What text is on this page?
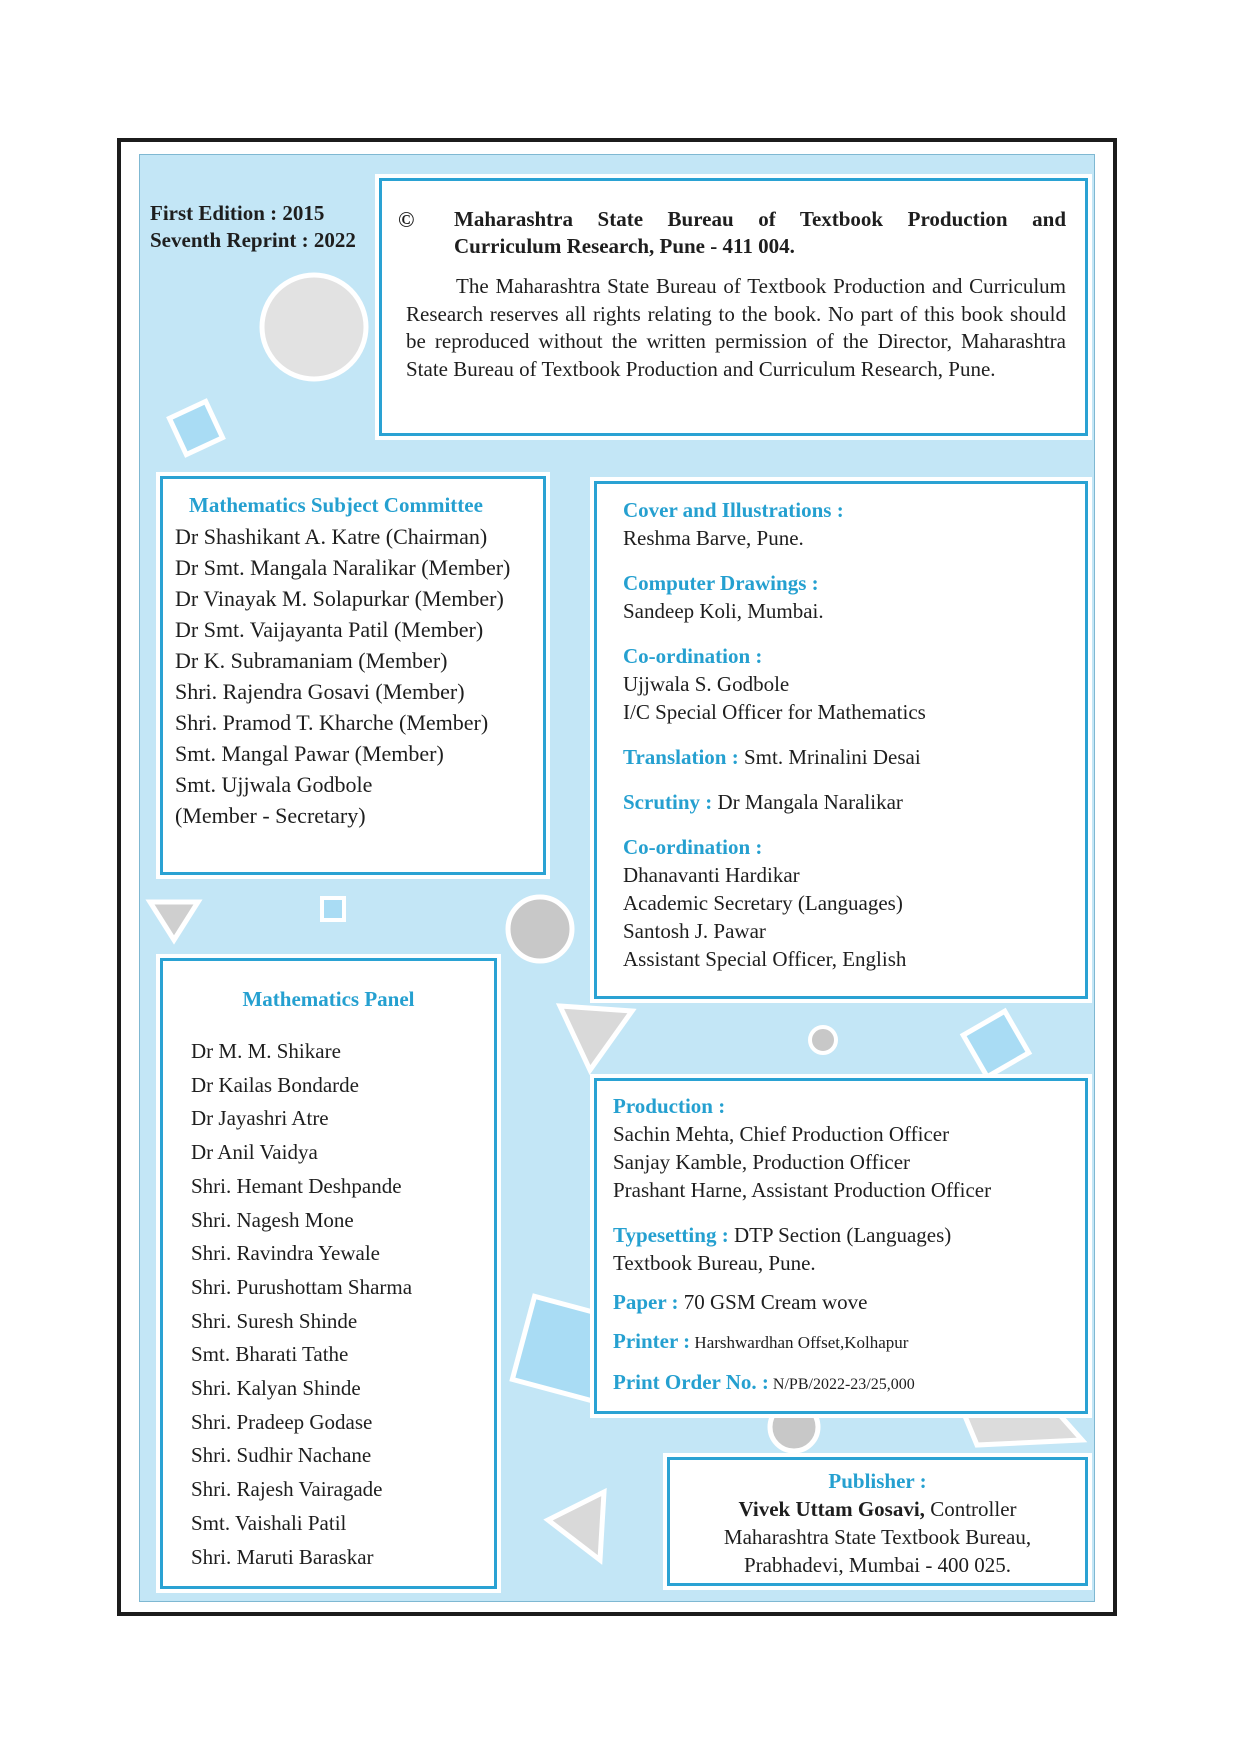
First Edition : 2015

Seventh Reprint : 2022

© Maharashtra State Bureau of Textbook Production and

Curriculum Research, Pune - 411 004.

The Maharashtra State Bureau of Textbook Production and Curriculum Research reserves all rights relating to the book. No part of this book should be reproduced without the written permission of the Director, Maharashtra State Bureau of Textbook Production and Curriculum Research, Pune.

Mathematics Subject Committee

Dr Shashikant A. Katre (Chairman)

Dr Smt. Mangala Naralikar (Member)

Dr Vinayak M. Solapurkar (Member)

Dr Smt. Vaijayanta Patil (Member)

Dr K. Subramaniam (Member)

Shri. Rajendra Gosavi (Member)

Shri. Pramod T. Kharche (Member)

Smt. Mangal Pawar (Member)

Smt. Ujjwala Godbole

(Member - Secretary)

Cover and Illustrations :

Reshma Barve, Pune.

Computer Drawings :

Sandeep Koli, Mumbai.

Co-ordination :

Ujjwala S. Godbole

I/C Special Officer for Mathematics

Translation : Smt. Mrinalini Desai

Scrutiny : Dr Mangala Naralikar

Co-ordination :

Dhanavanti Hardikar

Academic Secretary (Languages)

Santosh J. Pawar

Assistant Special Officer, English

Mathematics Panel

Dr M. M. Shikare

Dr Kailas Bondarde

Dr Jayashri Atre

Dr Anil Vaidya

Shri. Hemant Deshpande

Shri. Nagesh Mone

Shri. Ravindra Yewale

Shri. Purushottam Sharma

Shri. Suresh Shinde

Smt. Bharati Tathe

Shri. Kalyan Shinde

Shri. Pradeep Godase

Shri. Sudhir Nachane

Shri. Rajesh Vairagade

Smt. Vaishali Patil

Shri. Maruti Baraskar

Production :

Sachin Mehta, Chief Production Officer

Sanjay Kamble, Production Officer

Prashant Harne, Assistant Production Officer

Typesetting : DTP Section (Languages)

Textbook Bureau, Pune.

Paper : 70 GSM Cream wove

Printer : Harshwardhan Offset,Kolhapur

Print Order No. : N/PB/2022-23/25,000

Publisher :

Vivek Uttam Gosavi, Controller

Maharashtra State Textbook Bureau,

Prabhadevi, Mumbai - 400 025.
